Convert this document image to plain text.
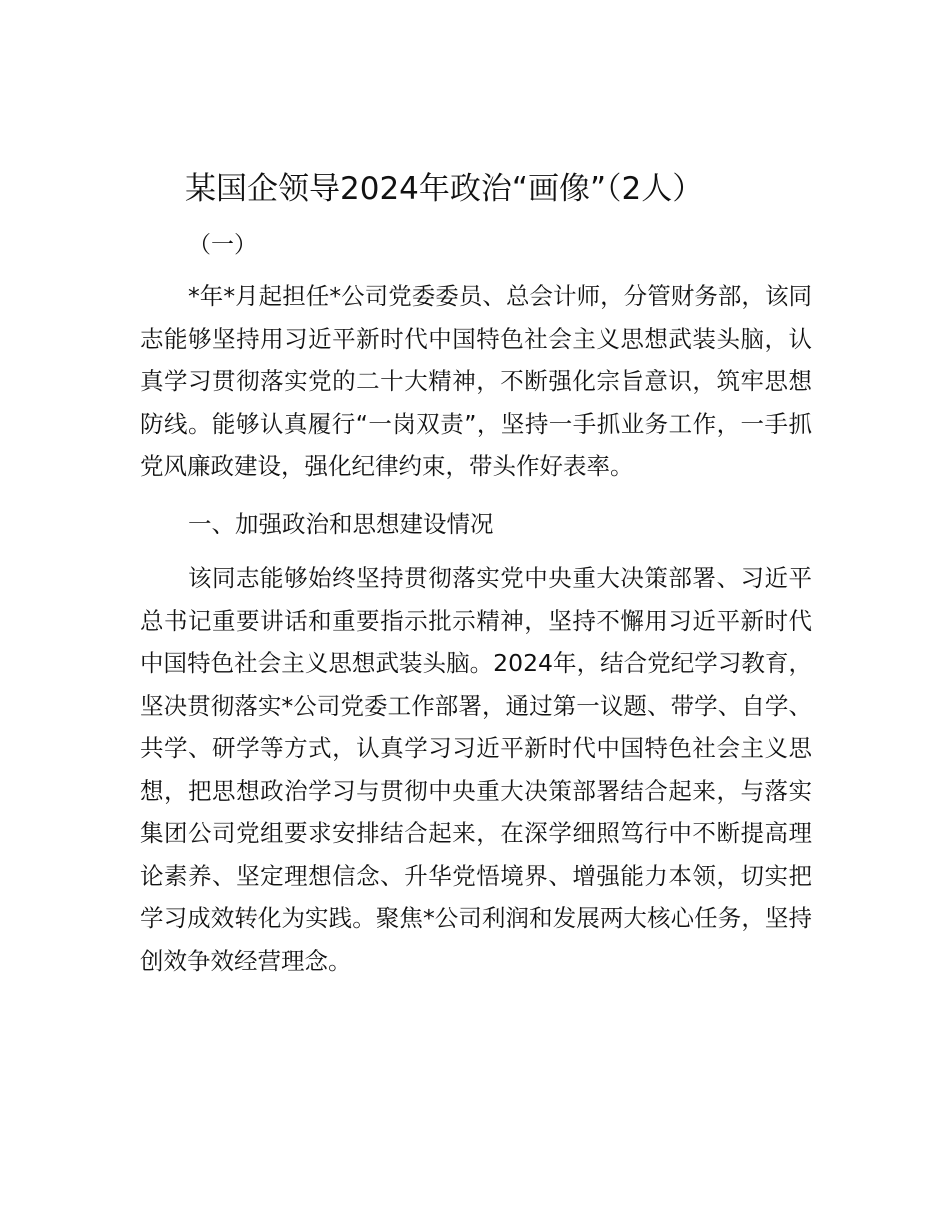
某国企领导2024年政治“画像”（2人）
（一）

*年*月起担任*公司党委委员、总会计师，分管财务部，该同志能够坚持用习近平新时代中国特色社会主义思想武装头脑，认真学习贯彻落实党的二十大精神，不断强化宗旨意识，筑牢思想防线。能够认真履行“一岗双责”，坚持一手抓业务工作，一手抓党风廉政建设，强化纪律约束，带头作好表率。

一、加强政治和思想建设情况

该同志能够始终坚持贯彻落实党中央重大决策部署、习近平总书记重要讲话和重要指示批示精神，坚持不懈用习近平新时代中国特色社会主义思想武装头脑。2024年，结合党纪学习教育，坚决贯彻落实*公司党委工作部署，通过第一议题、带学、自学、共学、研学等方式，认真学习习近平新时代中国特色社会主义思想，把思想政治学习与贯彻中央重大决策部署结合起来，与落实集团公司党组要求安排结合起来，在深学细照笃行中不断提高理论素养、坚定理想信念、升华党悟境界、增强能力本领，切实把学习成效转化为实践。聚焦*公司利润和发展两大核心任务，坚持创效争效经营理念。
